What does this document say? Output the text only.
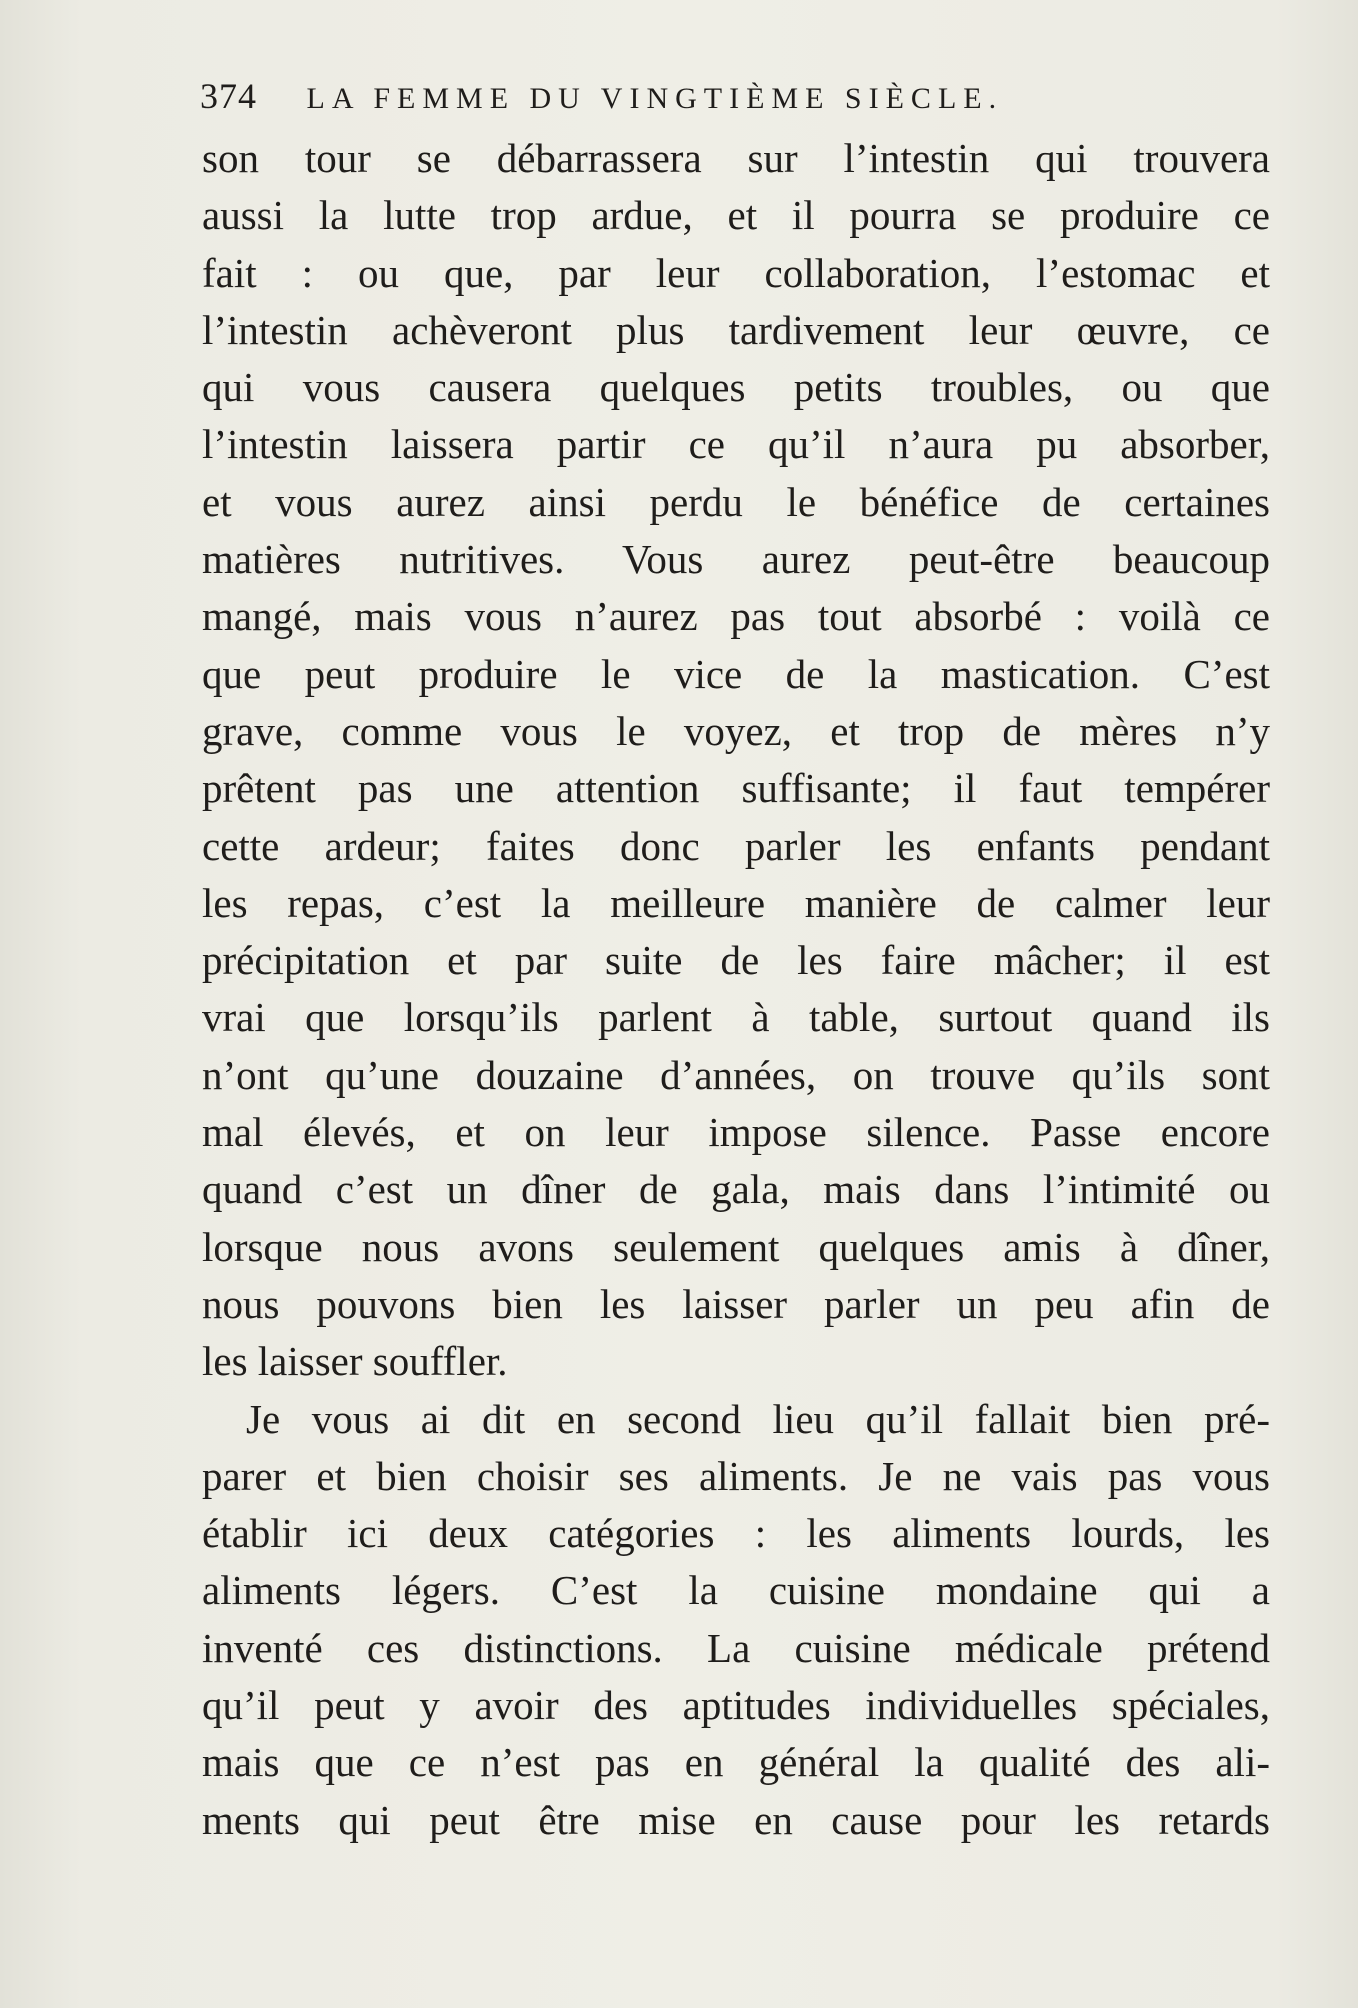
374 LA FEMME DU VINGTIÈME SIÈCLE.
son tour se débarrassera sur l’intestin qui trouvera
aussi la lutte trop ardue, et il pourra se produire ce
fait : ou que, par leur collaboration, l’estomac et
l’intestin achèveront plus tardivement leur œuvre, ce
qui vous causera quelques petits troubles, ou que
l’intestin laissera partir ce qu’il n’aura pu absorber,
et vous aurez ainsi perdu le bénéfice de certaines
matières nutritives. Vous aurez peut-être beaucoup
mangé, mais vous n’aurez pas tout absorbé : voilà ce
que peut produire le vice de la mastication. C’est
grave, comme vous le voyez, et trop de mères n’y
prêtent pas une attention suffisante; il faut tempérer
cette ardeur; faites donc parler les enfants pendant
les repas, c’est la meilleure manière de calmer leur
précipitation et par suite de les faire mâcher; il est
vrai que lorsqu’ils parlent à table, surtout quand ils
n’ont qu’une douzaine d’années, on trouve qu’ils sont
mal élevés, et on leur impose silence. Passe encore
quand c’est un dîner de gala, mais dans l’intimité ou
lorsque nous avons seulement quelques amis à dîner,
nous pouvons bien les laisser parler un peu afin de
les laisser souffler.
Je vous ai dit en second lieu qu’il fallait bien pré-
parer et bien choisir ses aliments. Je ne vais pas vous
établir ici deux catégories : les aliments lourds, les
aliments légers. C’est la cuisine mondaine qui a
inventé ces distinctions. La cuisine médicale prétend
qu’il peut y avoir des aptitudes individuelles spéciales,
mais que ce n’est pas en général la qualité des ali-
ments qui peut être mise en cause pour les retards
